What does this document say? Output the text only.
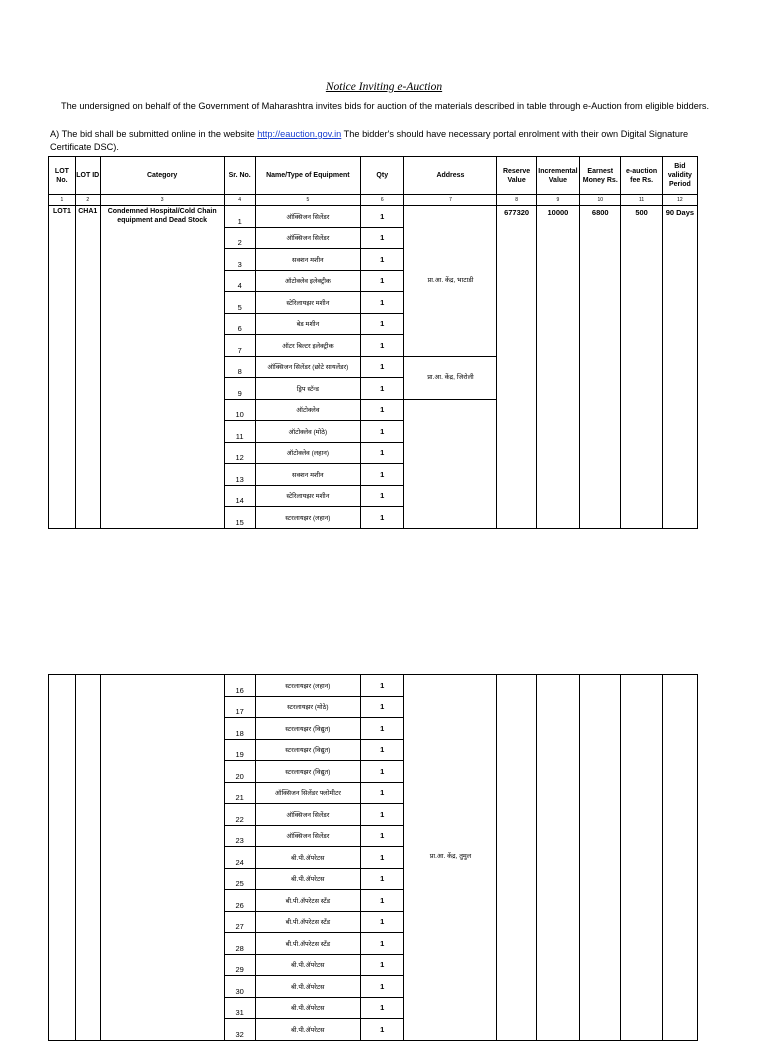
Notice Inviting e-Auction
The undersigned on behalf of the Government of Maharashtra invites bids for auction of the materials described in table through e-Auction from eligible bidders.
A) The bid shall be submitted online in the website http://eauction.gov.in The bidder's should have necessary portal enrolment with their own Digital Signature Certificate DSC).
LOT No.	LOT ID	Category	Sr. No.	Name/Type of Equipment	Qty	Address	Reserve Value	Incremental Value	Earnest Money Rs.	e-auction fee Rs.	Bid validity Period
1	2	3	4	5	6	7	8	9	10	11	12
LOT1	CHA1	Condemned Hospital/Cold Chain equipment and Dead Stock	1	ऑक्सिजन सिलेंडर	1	प्रा.आ. केंद्र, भाटाडी	677320	10000	6800	500	90 Days
			2	ऑक्सिजन सिलेंडर	1						
			3	सक्शन मशीन	1						
			4	ऑटोक्लेव इलेक्ट्रीक	1						
			5	स्टेरिलायझर मशीन	1						
			6	बेड मशीन	1						
			7	ऑटर बिल्टर इलेक्ट्रीक	1						
			8	ऑक्सिजन सिलेंडर (छोटे सायलेंडर)	1	प्रा.आ. केंद्र, जिरोली					
			9	ड्रिप स्टॅन्ड	1						
			10	ऑटोक्लेव	1						
			11	ऑटोक्लेव (मोठे)	1						
			12	ऑटोक्लेव (लहान)	1						
			13	सक्शन मशीन	1						
			14	स्टेरिलायझर मशीन	1						
			15	स्टरलायझर (लहान)	1						
			16	स्टरलायझर (लहान)	1	प्रा.आ. केंद्र, तुमुल					
			17	स्टरलायझर (मोठे)	1						
			18	स्टरलायझर (विद्युत)	1						
			19	स्टरलायझर (विद्युत)	1						
			20	स्टरलायझर (विद्युत)	1						
			21	ऑक्सिजन सिलेंडर फ्लोमीटर	1						
			22	ऑक्सिजन सिलेंडर	1						
			23	ऑक्सिजन सिलेंडर	1						
			24	बी.पी.ॲपरेटस	1						
			25	बी.पी.ॲपरेटस	1						
			26	बी.पी.ॲपरेटस स्टँड	1						
			27	बी.पी.ॲपरेटस स्टँड	1						
			28	बी.पी.ॲपरेटस स्टँड	1						
			29	बी.पी.ॲपरेटस	1						
			30	बी.पी.ॲपरेटस	1						
			31	बी.पी.ॲपरेटस	1						
			32	बी.पी.ॲपरेटस	1						
